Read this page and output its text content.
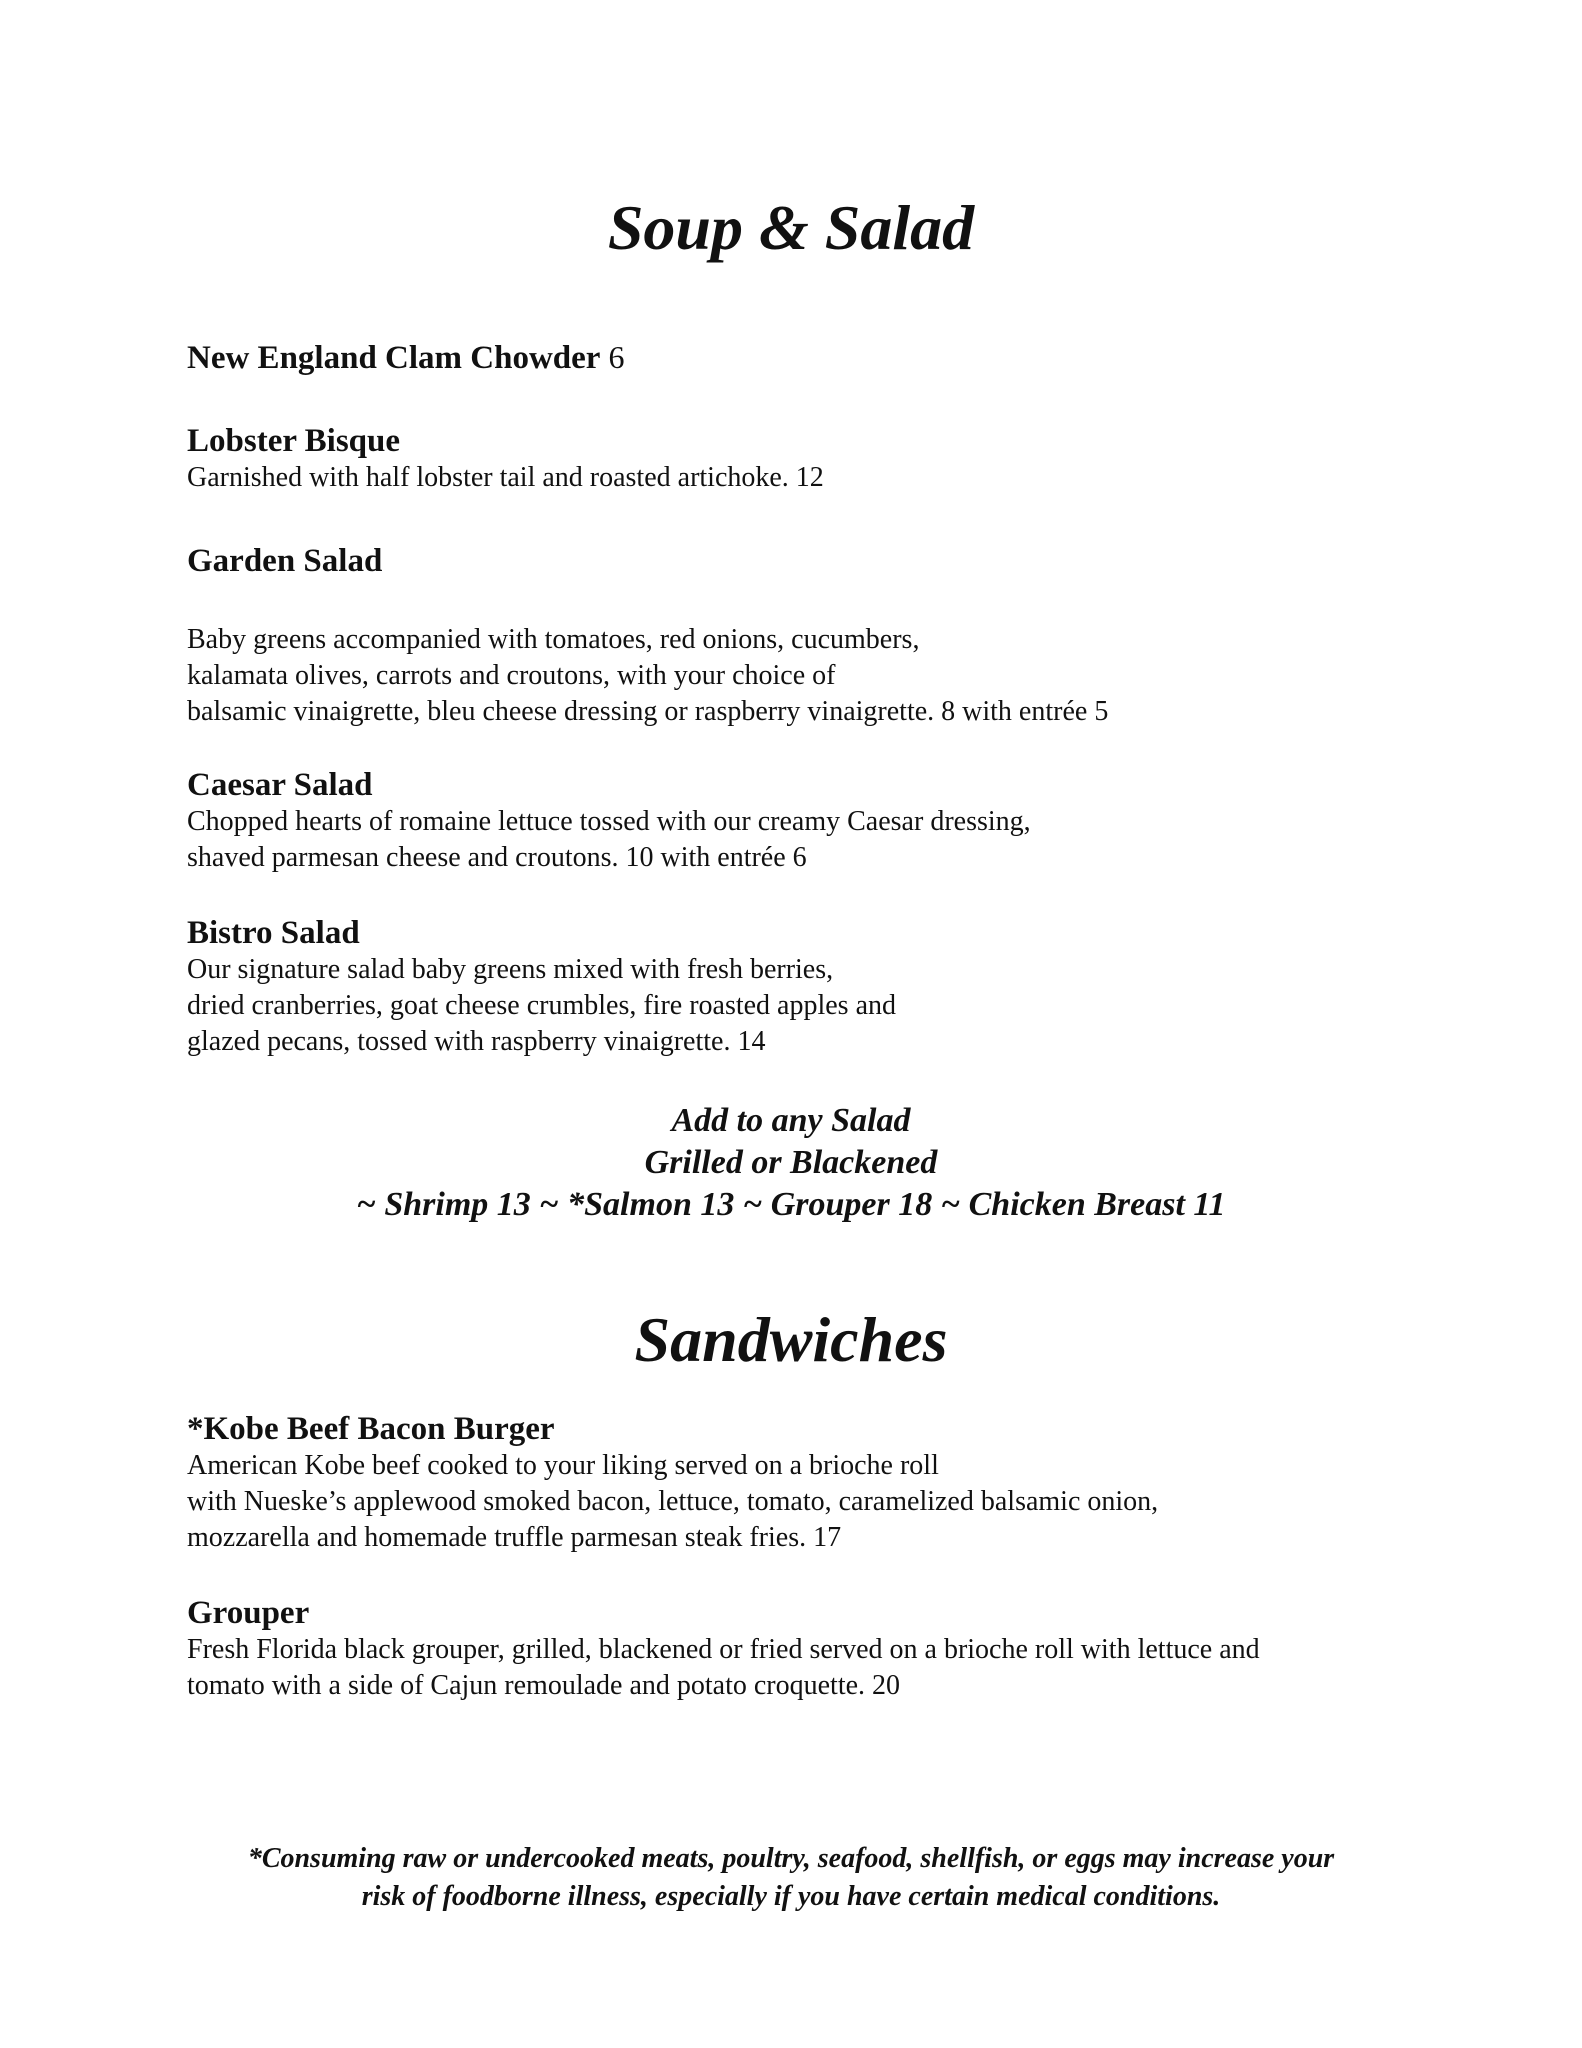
Soup & Salad

New England Clam Chowder 6

Lobster Bisque

Garnished with half lobster tail and roasted artichoke. 12

Garden Salad

Baby greens accompanied with tomatoes, red onions, cucumbers,
kalamata olives, carrots and croutons, with your choice of
balsamic vinaigrette, bleu cheese dressing or raspberry vinaigrette. 8 with entrée 5

Caesar Salad

Chopped hearts of romaine lettuce tossed with our creamy Caesar dressing,
shaved parmesan cheese and croutons. 10 with entrée 6

Bistro Salad

Our signature salad baby greens mixed with fresh berries,
dried cranberries, goat cheese crumbles, fire roasted apples and
glazed pecans, tossed with raspberry vinaigrette. 14

Add to any Salad
Grilled or Blackened
~ Shrimp 13 ~ *Salmon 13 ~ Grouper 18 ~ Chicken Breast 11
Sandwiches

*Kobe Beef Bacon Burger

American Kobe beef cooked to your liking served on a brioche roll
with Nueske’s applewood smoked bacon, lettuce, tomato, caramelized balsamic onion,
mozzarella and homemade truffle parmesan steak fries. 17

Grouper

Fresh Florida black grouper, grilled, blackened or fried served on a brioche roll with lettuce and
tomato with a side of Cajun remoulade and potato croquette. 20

*Consuming raw or undercooked meats, poultry, seafood, shellfish, or eggs may increase your
risk of foodborne illness, especially if you have certain medical conditions.
